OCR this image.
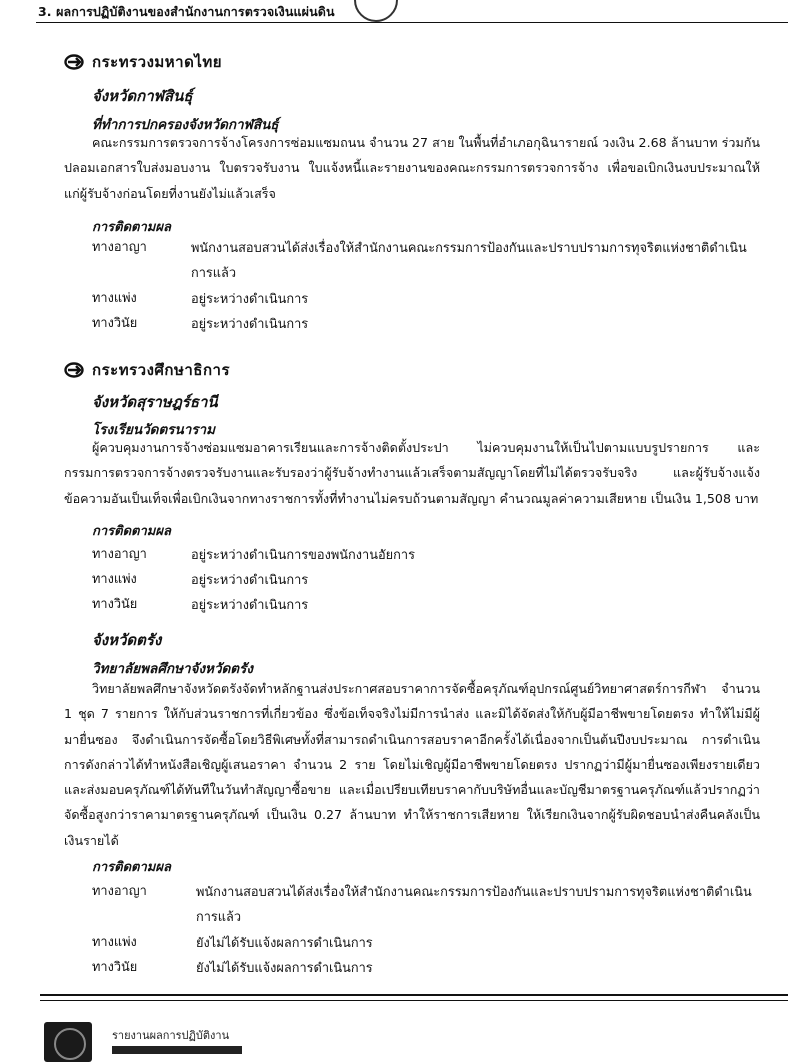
3. ผลการปฏิบัติงานของสำนักงานการตรวจเงินแผ่นดิน
กระทรวงมหาดไทย
จังหวัดกาฬสินธุ์
ที่ทำการปกครองจังหวัดกาฬสินธุ์

คณะกรรมการตรวจการจ้างโครงการซ่อมแซมถนน จำนวน 27 สาย ในพื้นที่อำเภอกุฉินารายณ์ วงเงิน 2.68 ล้านบาท ร่วมกันปลอมเอกสารใบส่งมอบงาน ใบตรวจรับงาน ใบแจ้งหนี้และรายงานของคณะกรรมการตรวจการจ้าง เพื่อขอเบิกเงินงบประมาณให้แก่ผู้รับจ้างก่อนโดยที่งานยังไม่แล้วเสร็จ

การติดตามผล
ทางอาญา	พนักงานสอบสวนได้ส่งเรื่องให้สำนักงานคณะกรรมการป้องกันและปราบปรามการทุจริตแห่งชาติดำเนินการแล้ว
ทางแพ่ง	อยู่ระหว่างดำเนินการ
ทางวินัย	อยู่ระหว่างดำเนินการ
กระทรวงศึกษาธิการ
จังหวัดสุราษฎร์ธานี
โรงเรียนวัดตรนาราม

ผู้ควบคุมงานการจ้างซ่อมแซมอาคารเรียนและการจ้างติดตั้งประปา ไม่ควบคุมงานให้เป็นไปตามแบบรูปรายการ และกรรมการตรวจการจ้างตรวจรับงานและรับรองว่าผู้รับจ้างทำงานแล้วเสร็จตามสัญญาโดยที่ไม่ได้ตรวจรับจริง และผู้รับจ้างแจ้งข้อความอันเป็นเท็จเพื่อเบิกเงินจากทางราชการทั้งที่ทำงานไม่ครบถ้วนตามสัญญา คำนวณมูลค่าความเสียหาย เป็นเงิน 1,508 บาท

การติดตามผล
ทางอาญา	อยู่ระหว่างดำเนินการของพนักงานอัยการ
ทางแพ่ง	อยู่ระหว่างดำเนินการ
ทางวินัย	อยู่ระหว่างดำเนินการ
จังหวัดตรัง
วิทยาลัยพลศึกษาจังหวัดตรัง

วิทยาลัยพลศึกษาจังหวัดตรังจัดทำหลักฐานส่งประกาศสอบราคาการจัดซื้อครุภัณฑ์อุปกรณ์ศูนย์วิทยาศาสตร์การกีฬา จำนวน 1 ชุด 7 รายการ ให้กับส่วนราชการที่เกี่ยวข้อง ซึ่งข้อเท็จจริงไม่มีการนำส่ง และมิได้จัดส่งให้กับผู้มีอาชีพขายโดยตรง ทำให้ไม่มีผู้มายื่นซอง จึงดำเนินการจัดซื้อโดยวิธีพิเศษทั้งที่สามารถดำเนินการสอบราคาอีกครั้งได้เนื่องจากเป็นต้นปีงบประมาณ การดำเนินการดังกล่าวได้ทำหนังสือเชิญผู้เสนอราคา จำนวน 2 ราย โดยไม่เชิญผู้มีอาชีพขายโดยตรง ปรากฏว่ามีผู้มายื่นซองเพียงรายเดียวและส่งมอบครุภัณฑ์ได้ทันทีในวันทำสัญญาซื้อขาย และเมื่อเปรียบเทียบราคากับบริษัทอื่นและบัญชีมาตรฐานครุภัณฑ์แล้วปรากฏว่าจัดซื้อสูงกว่าราคามาตรฐานครุภัณฑ์ เป็นเงิน 0.27 ล้านบาท ทำให้ราชการเสียหาย ให้เรียกเงินจากผู้รับผิดชอบนำส่งคืนคลังเป็นเงินรายได้

การติดตามผล
ทางอาญา	พนักงานสอบสวนได้ส่งเรื่องให้สำนักงานคณะกรรมการป้องกันและปราบปรามการทุจริตแห่งชาติดำเนินการแล้ว
ทางแพ่ง	ยังไม่ได้รับแจ้งผลการดำเนินการ
ทางวินัย	ยังไม่ได้รับแจ้งผลการดำเนินการ
รายงานผลการปฏิบัติงาน
